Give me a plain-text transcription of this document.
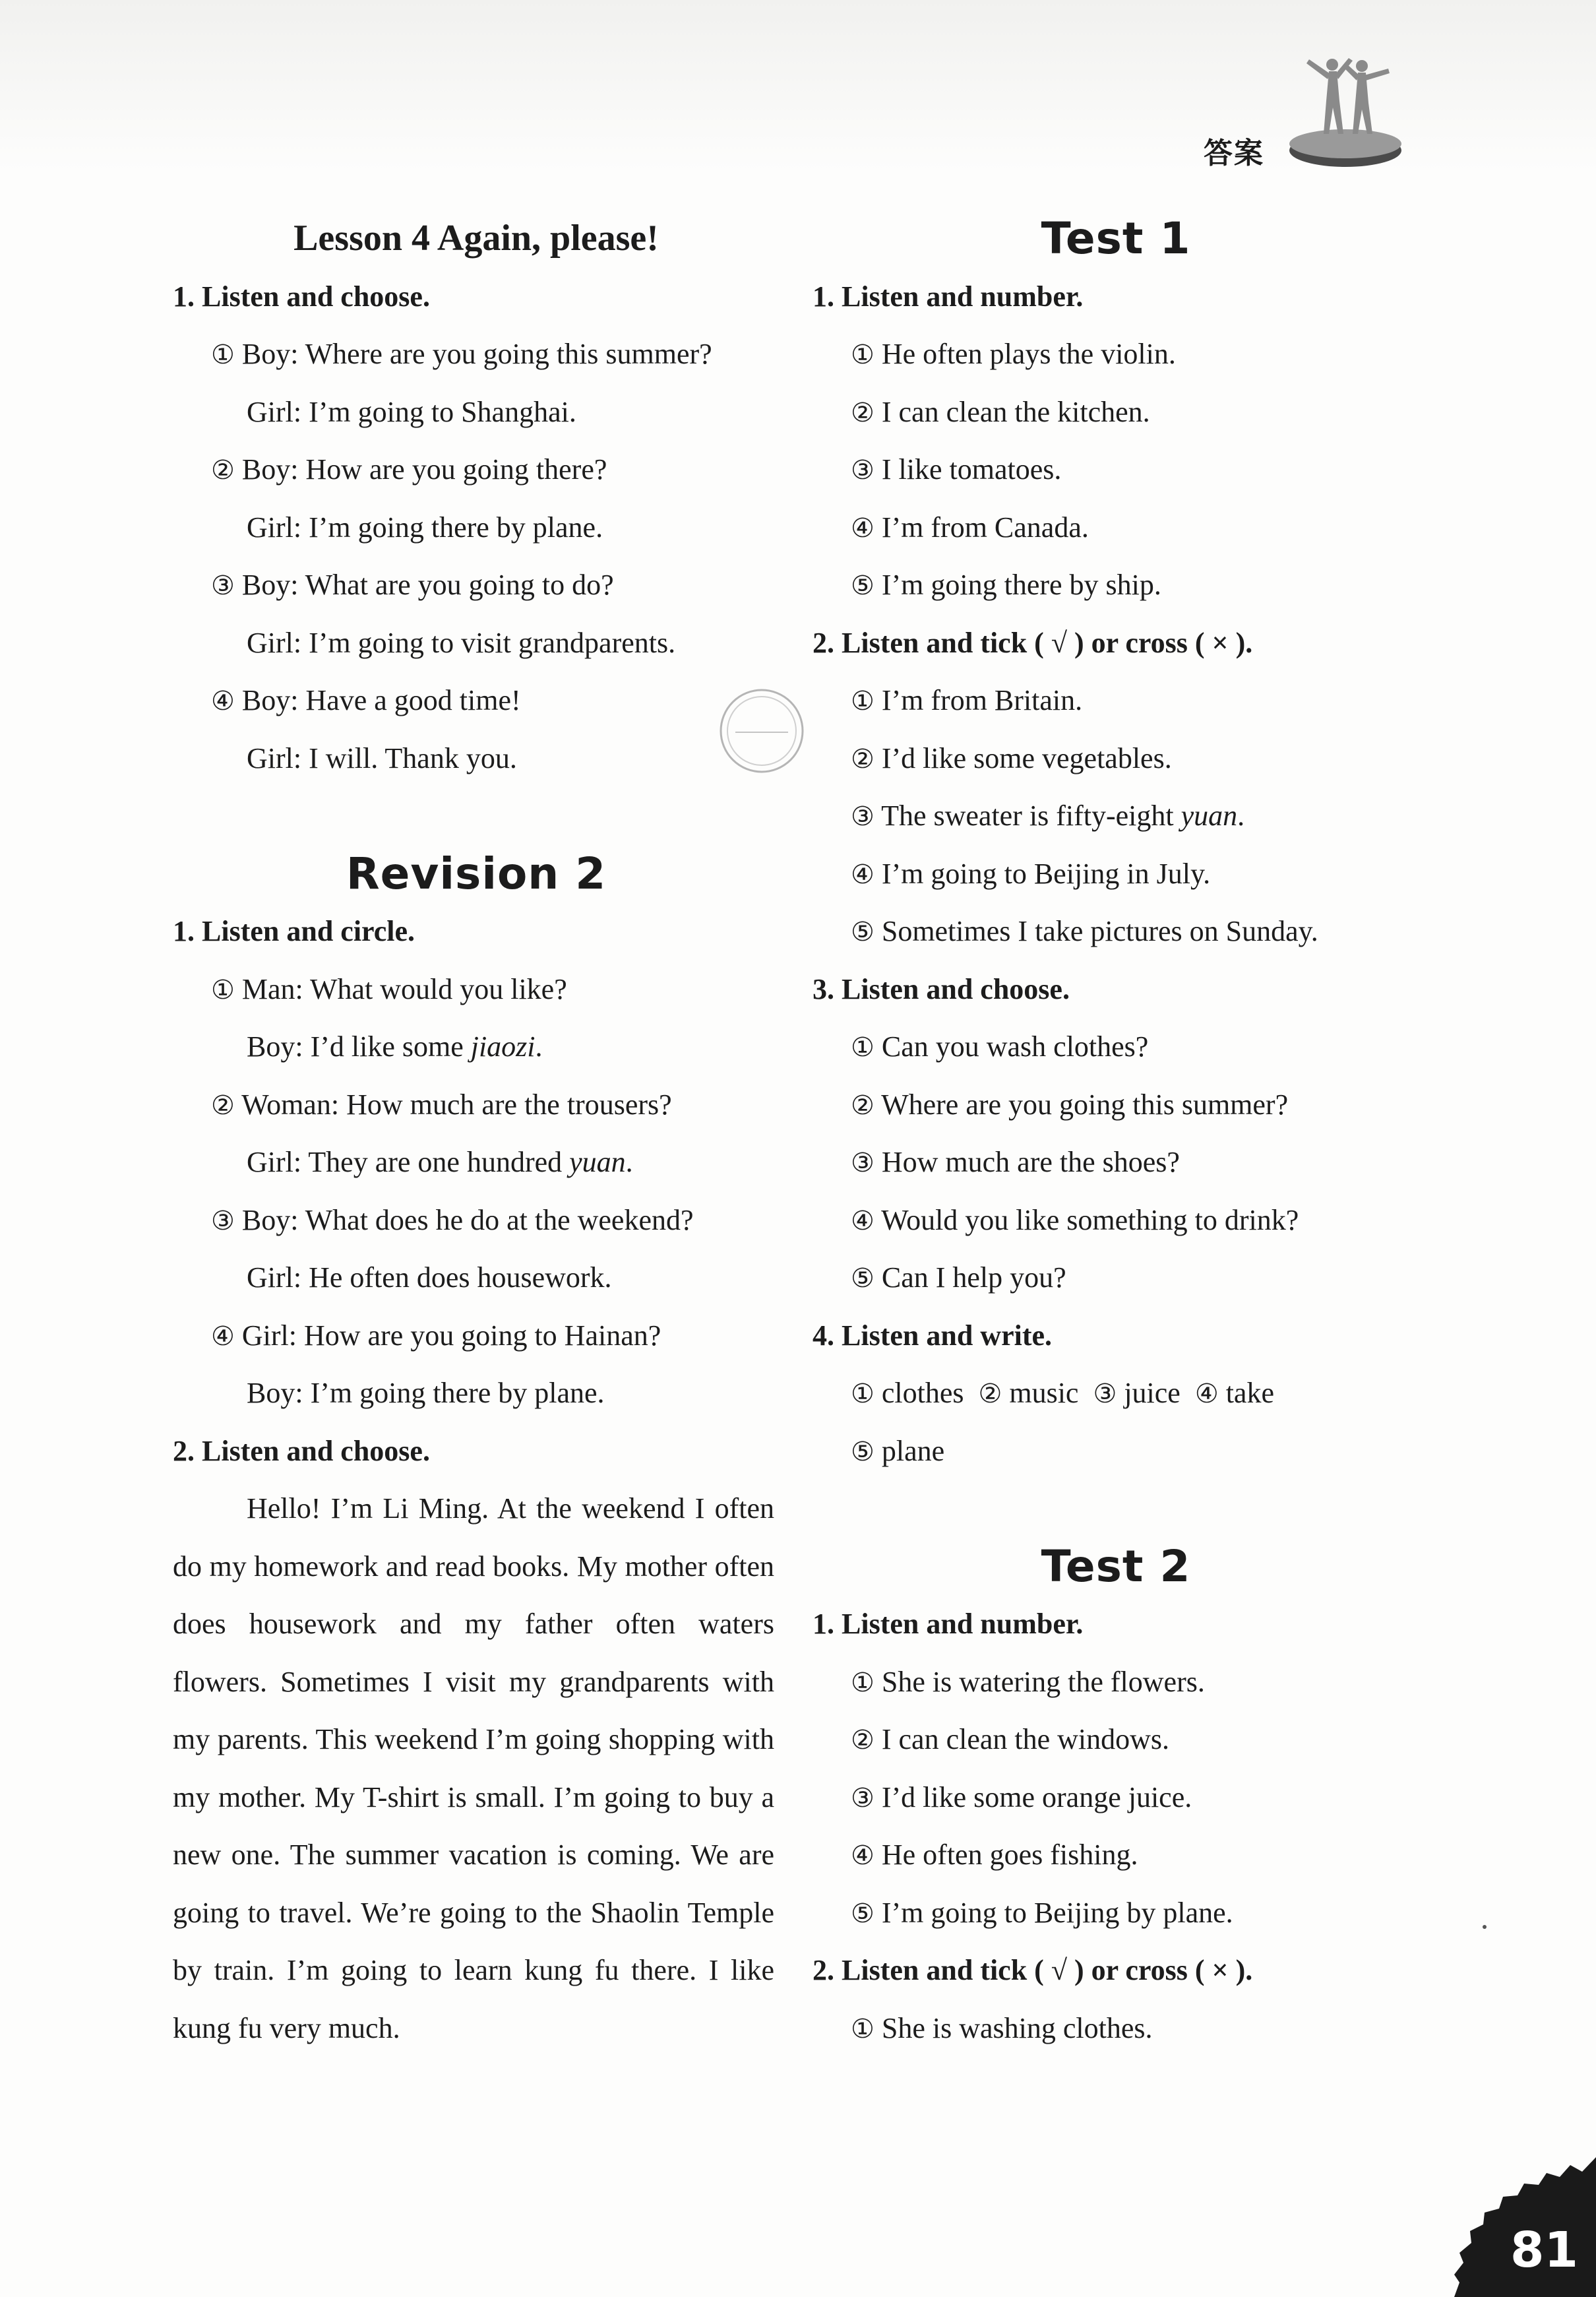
答案
Lesson 4 Again, please!
1. Listen and choose.
① Boy: Where are you going this summer?
Girl: I’m going to Shanghai.
② Boy: How are you going there?
Girl: I’m going there by plane.
③ Boy: What are you going to do?
Girl: I’m going to visit grandparents.
④ Boy: Have a good time!
Girl: I will. Thank you.
Revision 2
1. Listen and circle.
① Man: What would you like?
Boy: I’d like some jiaozi.
② Woman: How much are the trousers?
Girl: They are one hundred yuan.
③ Boy: What does he do at the weekend?
Girl: He often does housework.
④ Girl: How are you going to Hainan?
Boy: I’m going there by plane.
2. Listen and choose.

Hello! I’m Li Ming. At the weekend I often do my homework and read books. My mother often does housework and my father often waters flowers. Sometimes I visit my grandparents with my parents. This weekend I’m going shopping with my mother. My T-shirt is small. I’m going to buy a new one. The summer vacation is coming. We are going to travel. We’re going to the Shaolin Temple by train. I’m going to learn kung fu there. I like kung fu very much.

Test 1
1. Listen and number.
① He often plays the violin.
② I can clean the kitchen.
③ I like tomatoes.
④ I’m from Canada.
⑤ I’m going there by ship.
2. Listen and tick ( √ ) or cross ( × ).
① I’m from Britain.
② I’d like some vegetables.
③ The sweater is fifty-eight yuan.
④ I’m going to Beijing in July.
⑤ Sometimes I take pictures on Sunday.
3. Listen and choose.
① Can you wash clothes?
② Where are you going this summer?
③ How much are the shoes?
④ Would you like something to drink?
⑤ Can I help you?
4. Listen and write.
① clothes ② music ③ juice ④ take
⑤ plane
Test 2
1. Listen and number.
① She is watering the flowers.
② I can clean the windows.
③ I’d like some orange juice.
④ He often goes fishing.
⑤ I’m going to Beijing by plane.
2. Listen and tick ( √ ) or cross ( × ).
① She is washing clothes.
81
